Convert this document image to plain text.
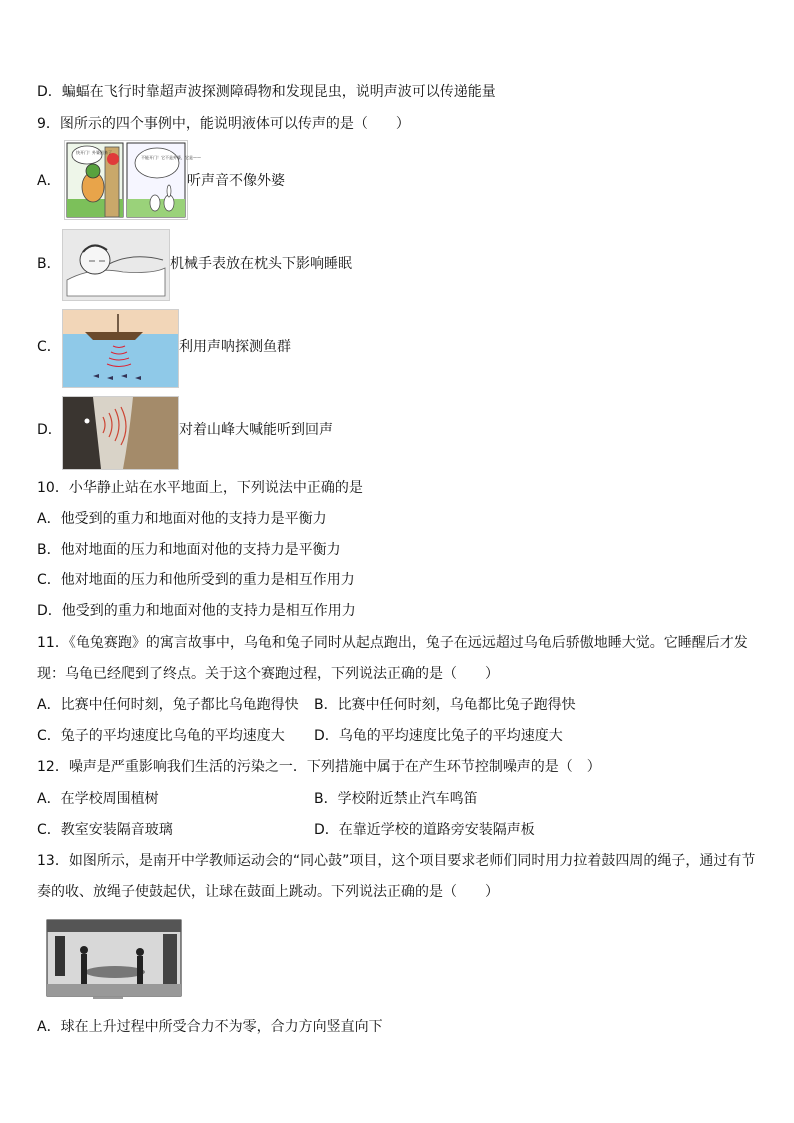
D．蝙蝠在飞行时靠超声波探测障碍物和发现昆虫，说明声波可以传递能量
9．图所示的四个事例中，能说明液体可以传声的是（　　）
A．
快开门！外婆回来了
不能开门！它不是外婆，它是——
听声音不像外婆
B．	机械手表放在枕头下影响睡眠
C．	利用声呐探测鱼群
D．	对着山峰大喊能听到回声
10．小华静止站在水平地面上，下列说法中正确的是
A．他受到的重力和地面对他的支持力是平衡力
B．他对地面的压力和地面对他的支持力是平衡力
C．他对地面的压力和他所受到的重力是相互作用力
D．他受到的重力和地面对他的支持力是相互作用力
11．《龟兔赛跑》的寓言故事中，乌龟和兔子同时从起点跑出，兔子在远远超过乌龟后骄傲地睡大觉。它睡醒后才发现：乌龟已经爬到了终点。关于这个赛跑过程，下列说法正确的是（　　）
A．比赛中任何时刻，兔子都比乌龟跑得快 B．比赛中任何时刻，乌龟都比兔子跑得快
C．兔子的平均速度比乌龟的平均速度大 D．乌龟的平均速度比兔子的平均速度大
12．噪声是严重影响我们生活的污染之一．下列措施中属于在产生环节控制噪声的是（　）
A．在学校周围植树	B．学校附近禁止汽车鸣笛
C．教室安装隔音玻璃	D．在靠近学校的道路旁安装隔声板
13．如图所示，是南开中学教师运动会的“同心鼓”项目，这个项目要求老师们同时用力拉着鼓四周的绳子，通过有节奏的收、放绳子使鼓起伏，让球在鼓面上跳动。下列说法正确的是（　　）
A．球在上升过程中所受合力不为零，合力方向竖直向下
